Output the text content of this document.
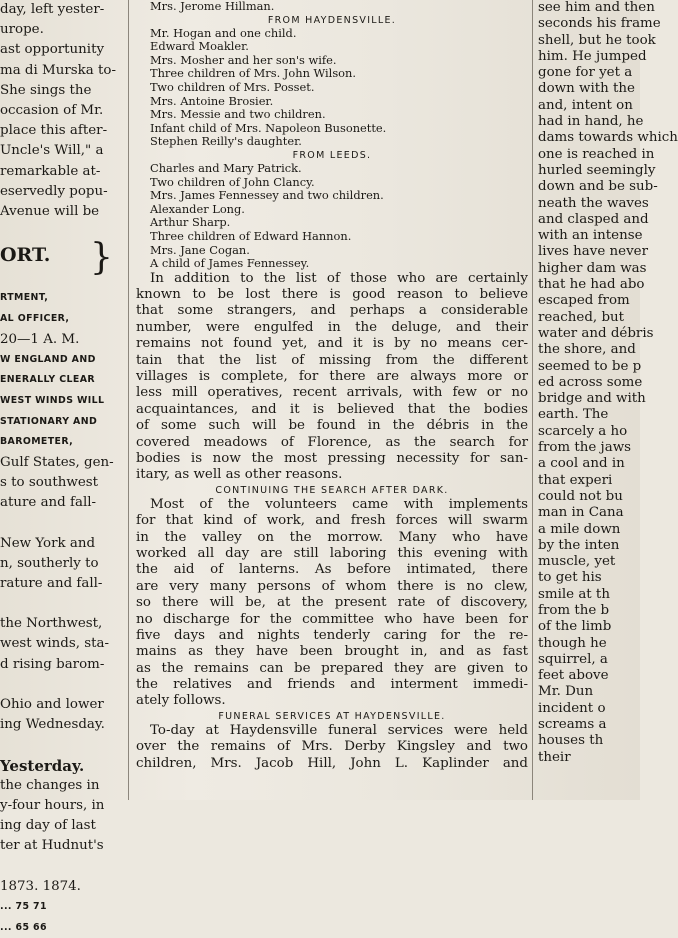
day, left yester-
urope.
ast opportunity
ma di Murska to-
She sings the
occasion of Mr.
place this after-
Uncle's Will," a
remarkable at-
eservedly popu-
Avenue will be
ORT.
RTMENT,
AL OFFICER,
20—1 A. M.
W ENGLAND AND
ENERALLY CLEAR
WEST WINDS WILL
STATIONARY AND
BAROMETER,
Gulf States, gen-
s to southwest
ature and fall-
New York and
n, southerly to
rature and fall-
the Northwest,
west winds, sta-
d rising barom-
Ohio and lower
ing Wednesday.
Yesterday.
the changes in
y-four hours, in
ing day of last
ter at Hudnut's
1873. 1874.
... 75 71
... 65 66
}
Mrs. Jerome Hillman.
FROM HAYDENSVILLE.
Mr. Hogan and one child.
Edward Moakler.
Mrs. Mosher and her son's wife.
Three children of Mrs. John Wilson.
Two children of Mrs. Posset.
Mrs. Antoine Brosier.
Mrs. Messie and two children.
Infant child of Mrs. Napoleon Busonette.
Stephen Reilly's daughter.
FROM LEEDS.
Charles and Mary Patrick.
Two children of John Clancy.
Mrs. James Fennessey and two children.
Alexander Long.
Arthur Sharp.
Three children of Edward Hannon.
Mrs. Jane Cogan.
A child of James Fennessey.
In addition to the list of those who are certainly
known to be lost there is good reason to believe
that some strangers, and perhaps a considerable
number, were engulfed in the deluge, and their
remains not found yet, and it is by no means cer-
tain that the list of missing from the different
villages is complete, for there are always more or
less mill operatives, recent arrivals, with few or no
acquaintances, and it is believed that the bodies
of some such will be found in the débris in the
covered meadows of Florence, as the search for
bodies is now the most pressing necessity for san-
itary, as well as other reasons.
CONTINUING THE SEARCH AFTER DARK.
Most of the volunteers came with implements
for that kind of work, and fresh forces will swarm
in the valley on the morrow. Many who have
worked all day are still laboring this evening with
the aid of lanterns. As before intimated, there
are very many persons of whom there is no clew,
so there will be, at the present rate of discovery,
no discharge for the committee who have been for
five days and nights tenderly caring for the re-
mains as they have been brought in, and as fast
as the remains can be prepared they are given to
the relatives and friends and interment immedi-
ately follows.
FUNERAL SERVICES AT HAYDENSVILLE.
To-day at Haydensville funeral services were held
over the remains of Mrs. Derby Kingsley and two
children, Mrs. Jacob Hill, John L. Kaplinder and
see him and then
seconds his frame
shell, but he took
him. He jumped
gone for yet a
down with the
and, intent on
had in hand, he
dams towards which
one is reached in
hurled seemingly
down and be sub-
neath the waves
and clasped and
with an intense
lives have never
higher dam was
that he had abo
escaped from
reached, but
water and débris
the shore, and
seemed to be p
ed across some
bridge and with
earth. The
scarcely a ho
from the jaws
a cool and in
that experi
could not bu
man in Cana
a mile down
by the inten
muscle, yet
to get his
smile at th
from the b
of the limb
though he
squirrel, a
feet above
Mr. Dun
incident o
screams a
houses th
their
